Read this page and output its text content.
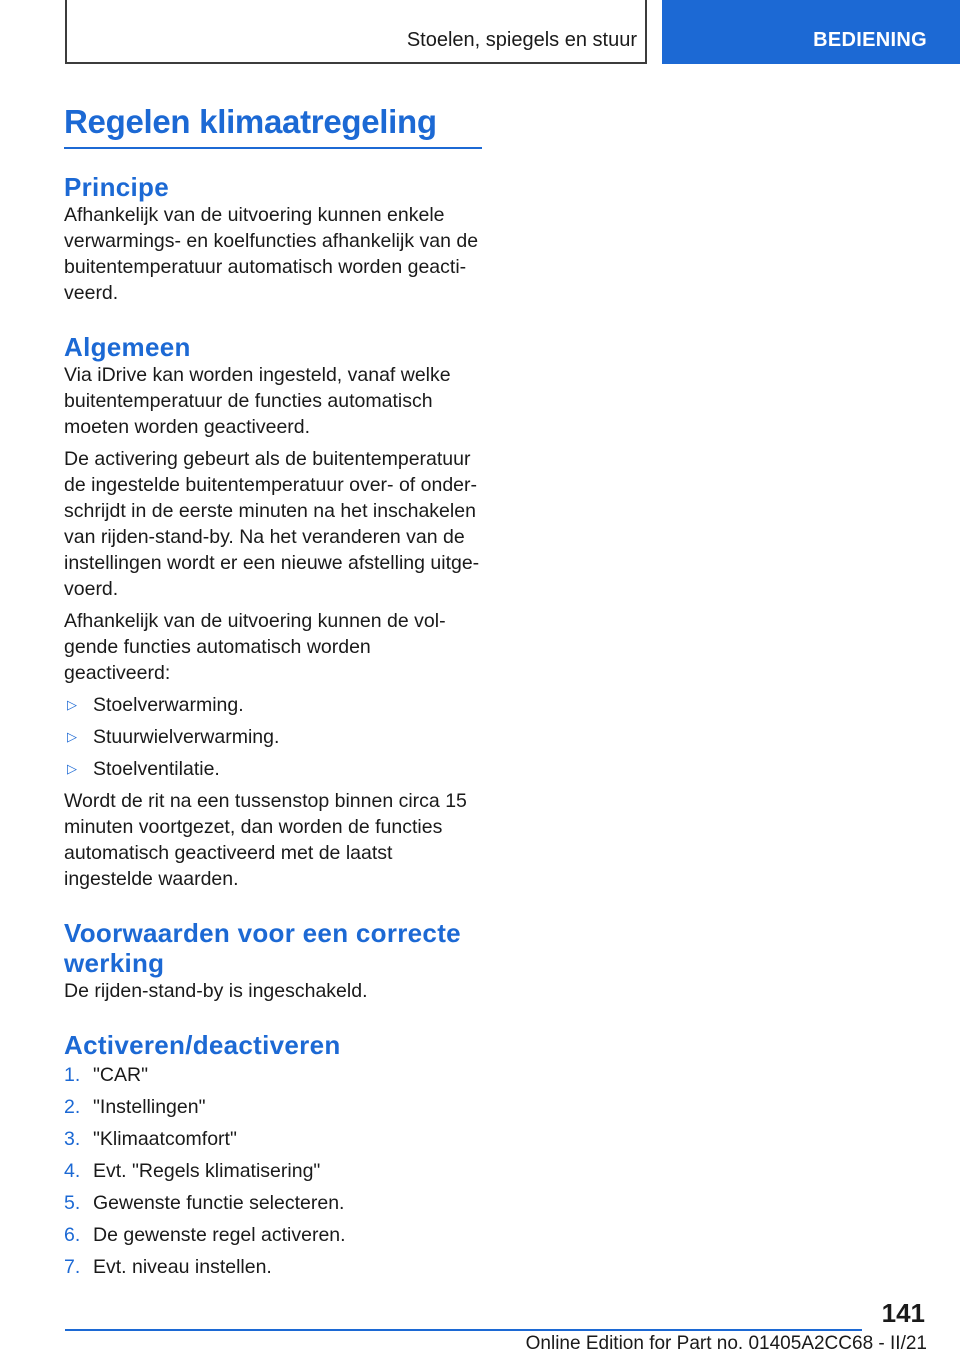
Stoelen, spiegels en stuur	BEDIENING
Regelen klimaatregeling
Principe

Afhankelijk van de uitvoering kunnen enkele verwarmings- en koelfuncties afhankelijk van de buitentemperatuur automatisch worden geactiveerd.

Algemeen

Via iDrive kan worden ingesteld, vanaf welke buitentemperatuur de functies automatisch moeten worden geactiveerd.

De activering gebeurt als de buitentemperatuur de ingestelde buitentemperatuur over- of onderschrijdt in de eerste minuten na het inschakelen van rijden-stand-by. Na het veranderen van de instellingen wordt er een nieuwe afstelling uitgevoerd.

Afhankelijk van de uitvoering kunnen de volgende functies automatisch worden geactiveerd:

▷ Stoelverwarming.
▷ Stuurwielverwarming.
▷ Stoelventilatie.

Wordt de rit na een tussenstop binnen circa 15 minuten voortgezet, dan worden de functies automatisch geactiveerd met de laatst ingestelde waarden.

Voorwaarden voor een correcte werking

De rijden-stand-by is ingeschakeld.

Activeren/deactiveren
1. "CAR"
2. "Instellingen"
3. "Klimaatcomfort"
4. Evt. "Regels klimatisering"
5. Gewenste functie selecteren.
6. De gewenste regel activeren.
7. Evt. niveau instellen.
141
Online Edition for Part no. 01405A2CC68 - II/21
